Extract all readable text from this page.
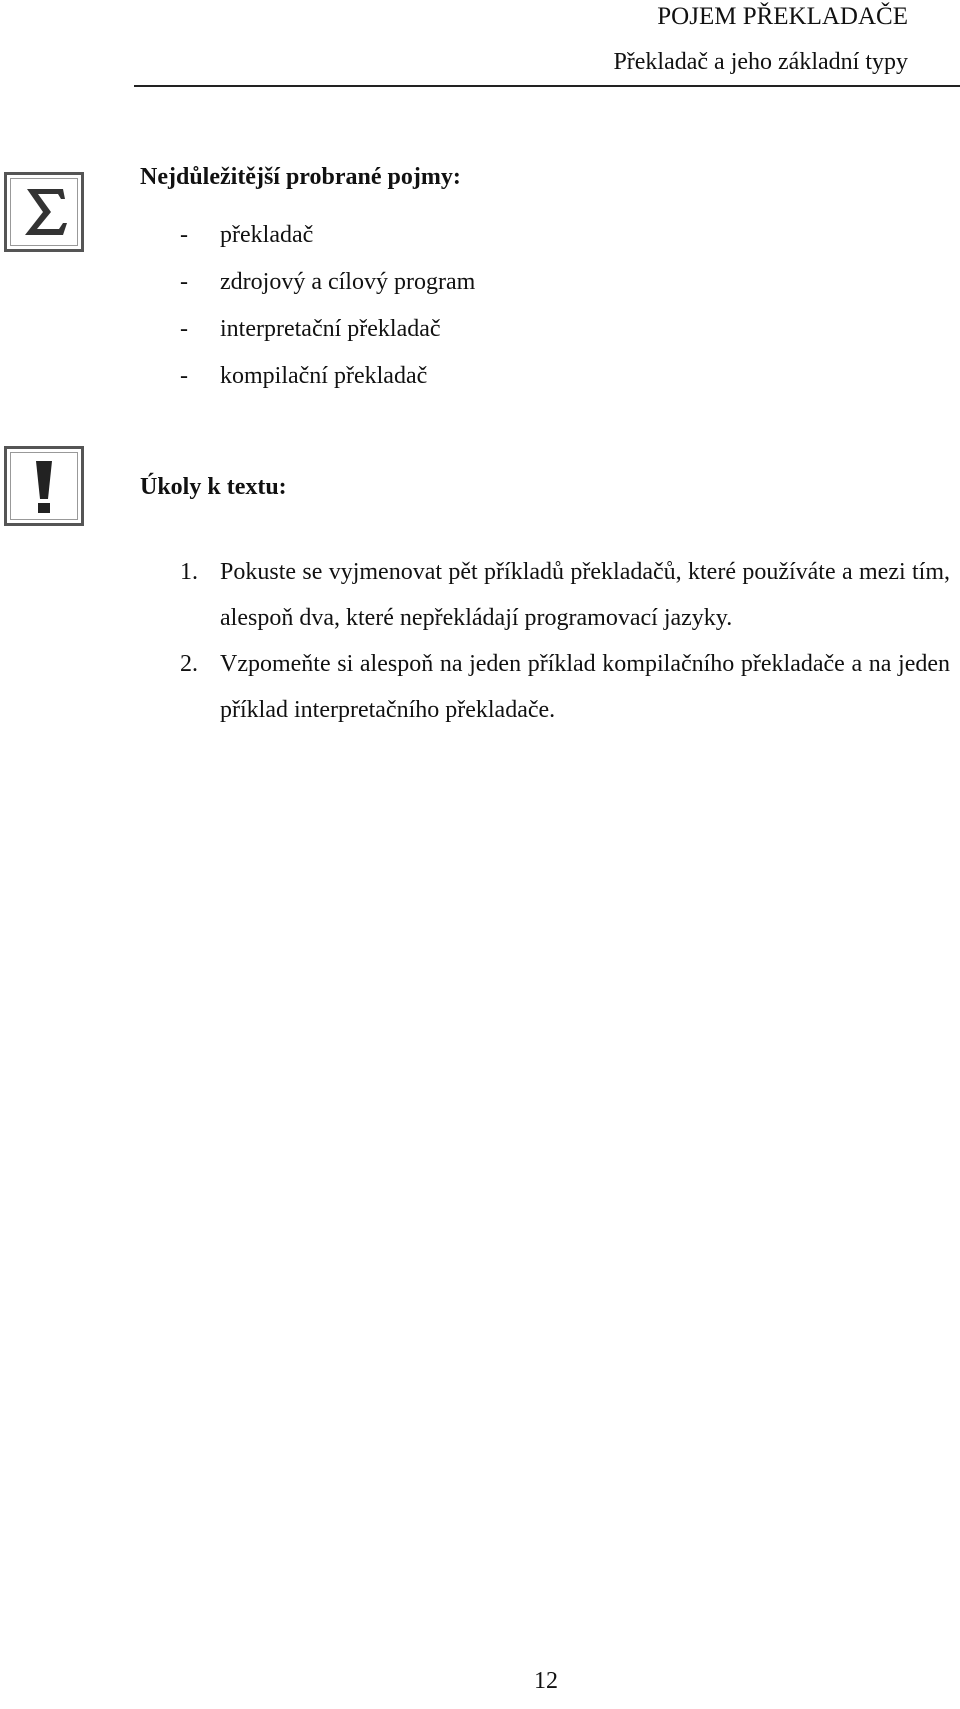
POJEM PŘEKLADAČE
Překladač a jeho základní typy
Nejdůležitější probrané pojmy:
- překladač
- zdrojový a cílový program
- interpretační překladač
- kompilační překladač
Úkoly k textu:
1. Pokuste se vyjmenovat pět příkladů překladačů, které používáte a mezi tím, alespoň dva, které nepřekládají programovací jazyky.
2. Vzpomeňte si alespoň na jeden příklad kompilačního překladače a na jeden příklad interpretačního překladače.
12
